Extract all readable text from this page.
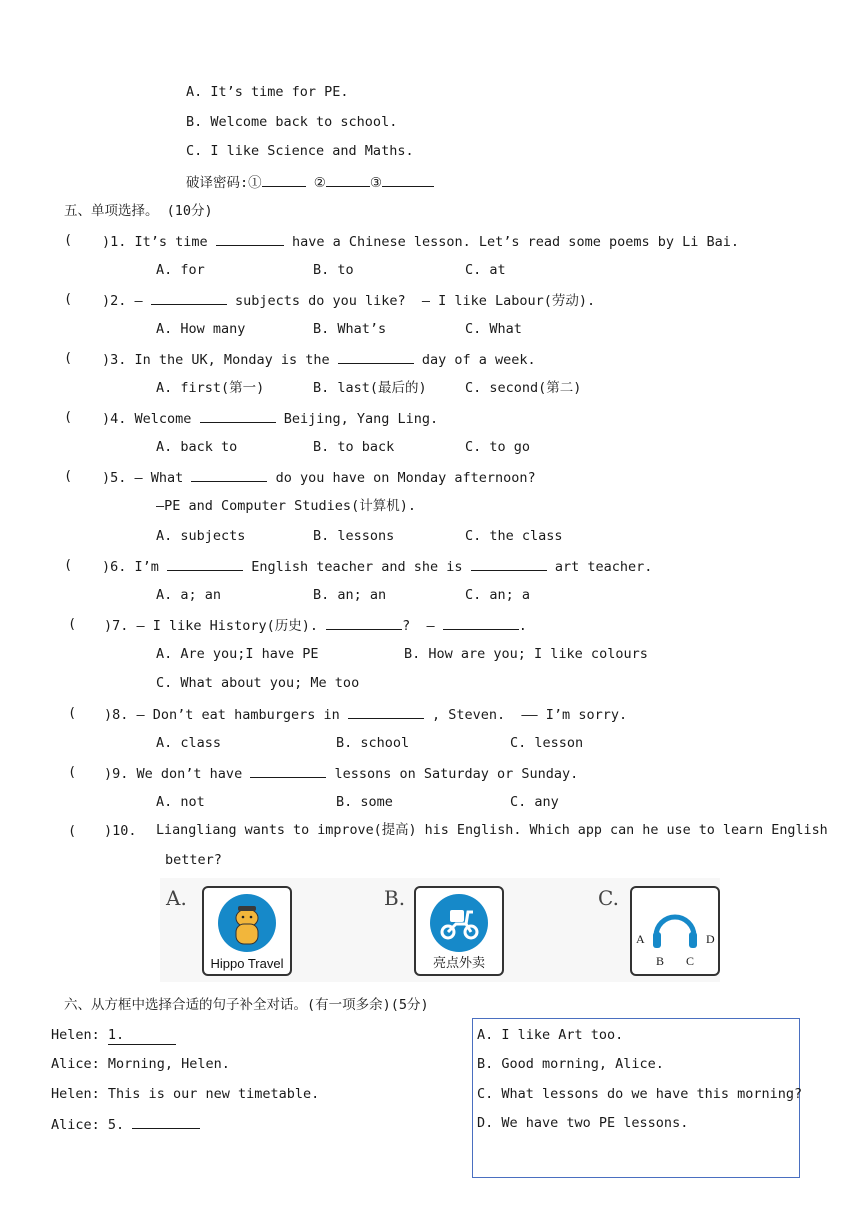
A. It’s time for PE.
B. Welcome back to school.
C. I like Science and Maths.
破译密码:①	②	③
五、单项选择。 (10分)
( )1. It’s time	have a Chinese lesson. Let’s read some poems by Li Bai.
A. for	B. to	C. at
( )2. —	subjects do you like?  — I like Labour(劳动).
A. How many	B. What’s	C. What
( )3. In the UK, Monday is the	day of a week.
A. first(第一)	B. last(最后的)	C. second(第二)
( )4. Welcome	Beijing, Yang Ling.
A. back to	B. to back	C. to go
( )5. — What	do you have on Monday afternoon?
—PE and Computer Studies(计算机).
A. subjects	B. lessons	C. the class
( )6. I’m	English teacher and she is	art teacher.
A. a; an	B. an; an	C. an; a
( )7. — I like History(历史).	?  —	.
A. Are you;I have PE	B. How are you; I like colours
C. What about you; Me too
( )8. — Don’t eat hamburgers in	, Steven.  —— I’m sorry.
A. class	B. school	C. lesson
( )9. We don’t have	lessons on Saturday or Sunday.
A. not	B. some	C. any
( )10. Liangliang wants to improve(提高) his English. Which app can he use to learn English
better?
A.
Hippo Travel
B.
亮点外卖
C.
A	D
B C
六、从方框中选择合适的句子补全对话。(有一项多余)(5分)
Helen: 1.
Alice: Morning, Helen.
Helen: This is our new timetable.
Alice: 5.
A. I like Art too.
B. Good morning, Alice.
C. What lessons do we have this morning?
D. We have two PE lessons.
